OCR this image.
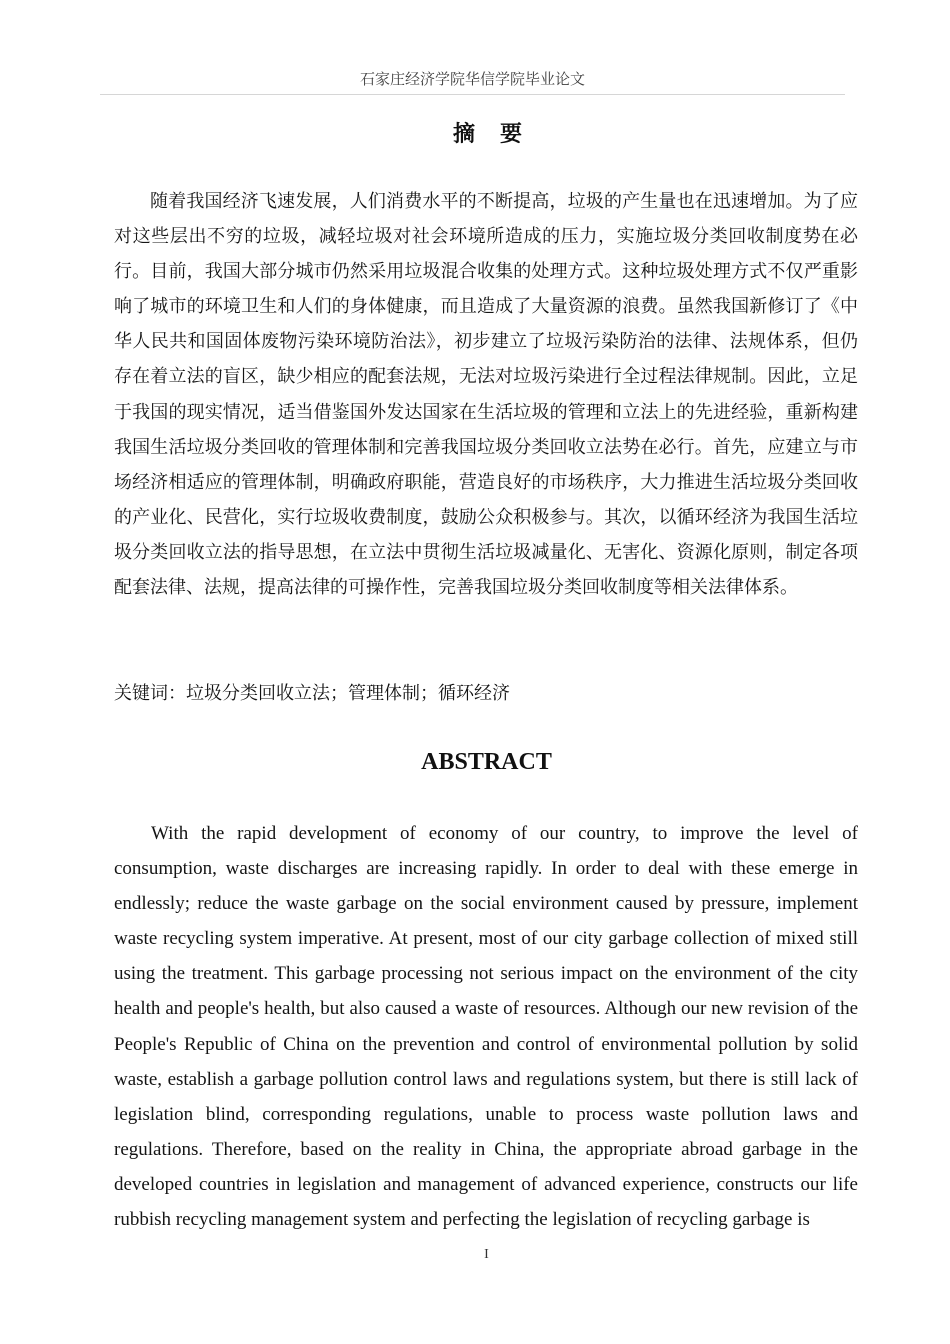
石家庄经济学院华信学院毕业论文
摘 要

随着我国经济飞速发展，人们消费水平的不断提高，垃圾的产生量也在迅速增加。为了应对这些层出不穷的垃圾，减轻垃圾对社会环境所造成的压力，实施垃圾分类回收制度势在必行。目前，我国大部分城市仍然采用垃圾混合收集的处理方式。这种垃圾处理方式不仅严重影响了城市的环境卫生和人们的身体健康，而且造成了大量资源的浪费。虽然我国新修订了《中华人民共和国固体废物污染环境防治法》，初步建立了垃圾污染防治的法律、法规体系，但仍存在着立法的盲区，缺少相应的配套法规，无法对垃圾污染进行全过程法律规制。因此，立足于我国的现实情况，适当借鉴国外发达国家在生活垃圾的管理和立法上的先进经验，重新构建我国生活垃圾分类回收的管理体制和完善我国垃圾分类回收立法势在必行。首先，应建立与市场经济相适应的管理体制，明确政府职能，营造良好的市场秩序，大力推进生活垃圾分类回收的产业化、民营化，实行垃圾收费制度，鼓励公众积极参与。其次，以循环经济为我国生活垃圾分类回收立法的指导思想，在立法中贯彻生活垃圾减量化、无害化、资源化原则，制定各项配套法律、法规，提高法律的可操作性，完善我国垃圾分类回收制度等相关法律体系。

关键词：垃圾分类回收立法；管理体制；循环经济
ABSTRACT

With the rapid development of economy of our country, to improve the level of consumption, waste discharges are increasing rapidly. In order to deal with these emerge in endlessly; reduce the waste garbage on the social environment caused by pressure, implement waste recycling system imperative. At present, most of our city garbage collection of mixed still using the treatment. This garbage processing not serious impact on the environment of the city health and people's health, but also caused a waste of resources. Although our new revision of the People's Republic of China on the prevention and control of environmental pollution by solid waste, establish a garbage pollution control laws and regulations system, but there is still lack of legislation blind, corresponding regulations, unable to process waste pollution laws and regulations. Therefore, based on the reality in China, the appropriate abroad garbage in the developed countries in legislation and management of advanced experience, constructs our life rubbish recycling management system and perfecting the legislation of recycling garbage is

I
